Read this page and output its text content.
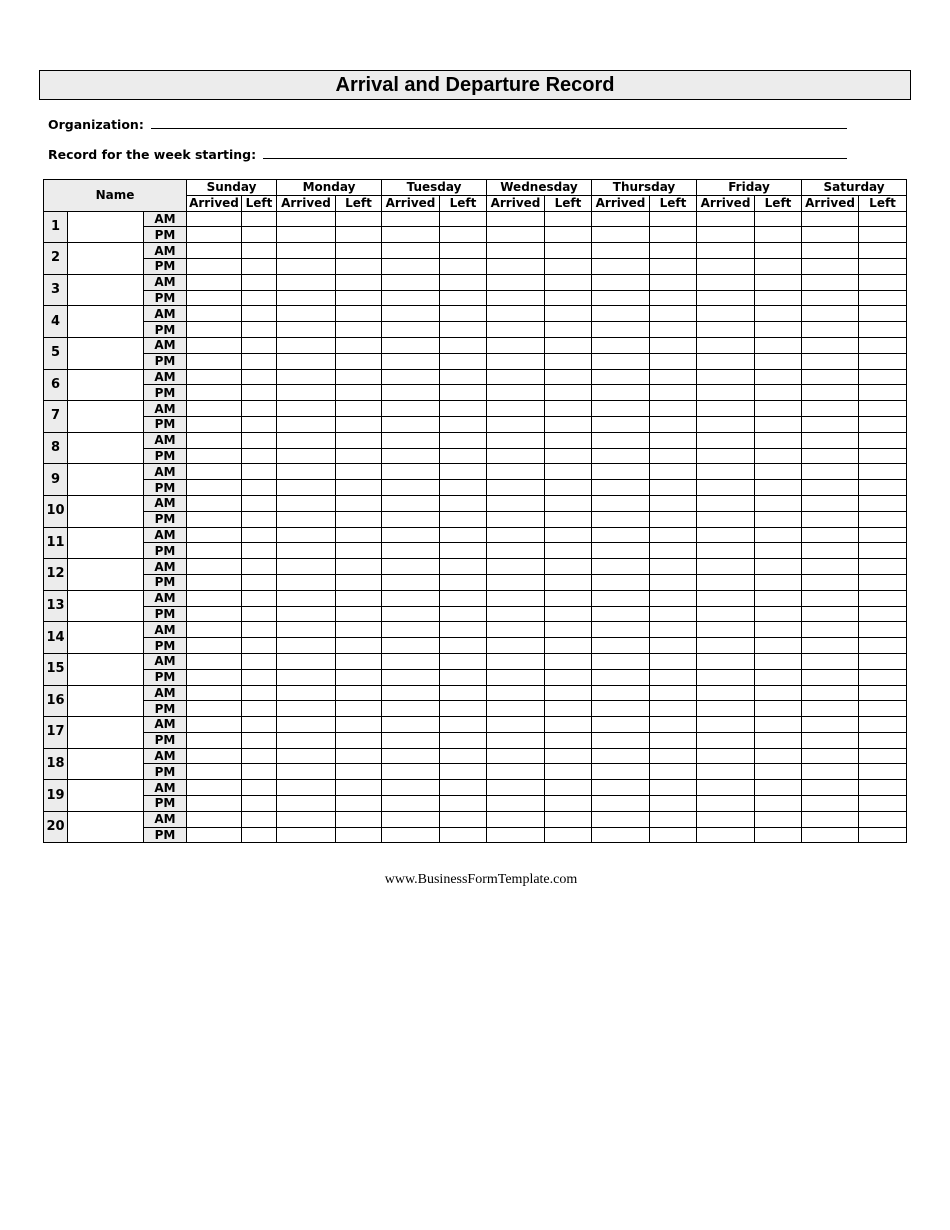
Arrival and Departure Record
Organization:
Record for the week starting:
Name			Sunday		Monday		Tuesday		Wednesday		Thursday		Friday		Saturday	
			Arrived	Left	Arrived	Left	Arrived	Left	Arrived	Left	Arrived	Left	Arrived	Left	Arrived	Left
1		AM														
		PM														
2		AM														
		PM														
3		AM														
		PM														
4		AM														
		PM														
5		AM														
		PM														
6		AM														
		PM														
7		AM														
		PM														
8		AM														
		PM														
9		AM														
		PM														
10		AM														
		PM														
11		AM														
		PM														
12		AM														
		PM														
13		AM														
		PM														
14		AM														
		PM														
15		AM														
		PM														
16		AM														
		PM														
17		AM														
		PM														
18		AM														
		PM														
19		AM														
		PM														
20		AM														
		PM														
www.BusinessFormTemplate.com
